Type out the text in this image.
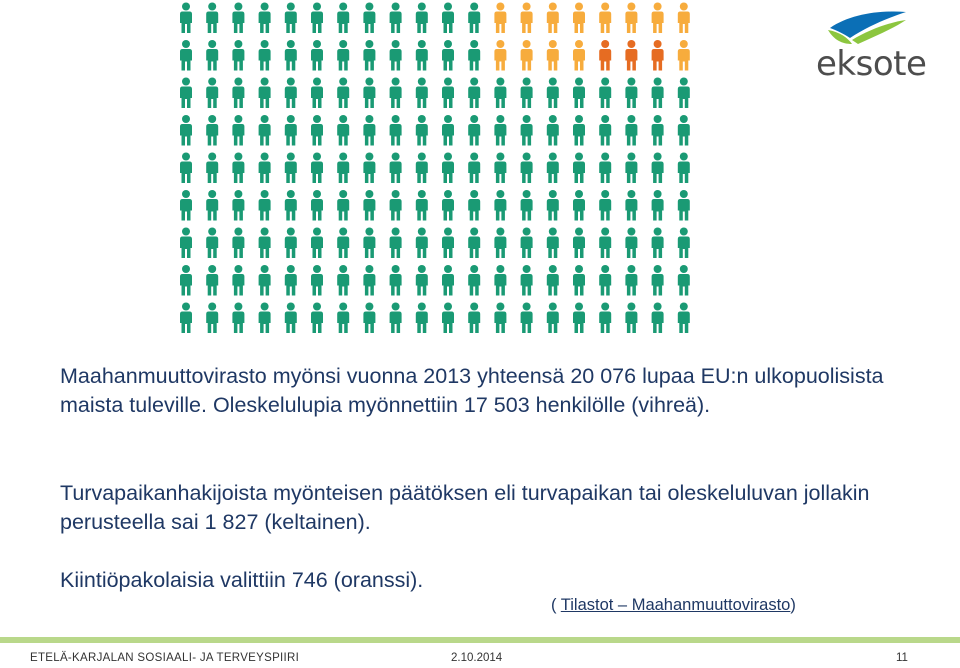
eksote

Maahanmuuttovirasto myönsi vuonna 2013 yhteensä 20 076 lupaa EU:n ulkopuolisista maista tuleville. Oleskelulupia myönnettiin 17 503 henkilölle (vihreä).

Turvapaikanhakijoista myönteisen päätöksen eli turvapaikan tai oleskeluluvan jollakin perusteella sai 1 827 (keltainen).

Kiintiöpakolaisia valittiin 746 (oranssi).

( Tilastot – Maahanmuuttovirasto)
ETELÄ-KARJALAN SOSIAALI- JA TERVEYSPIIRI	2.10.2014	11
